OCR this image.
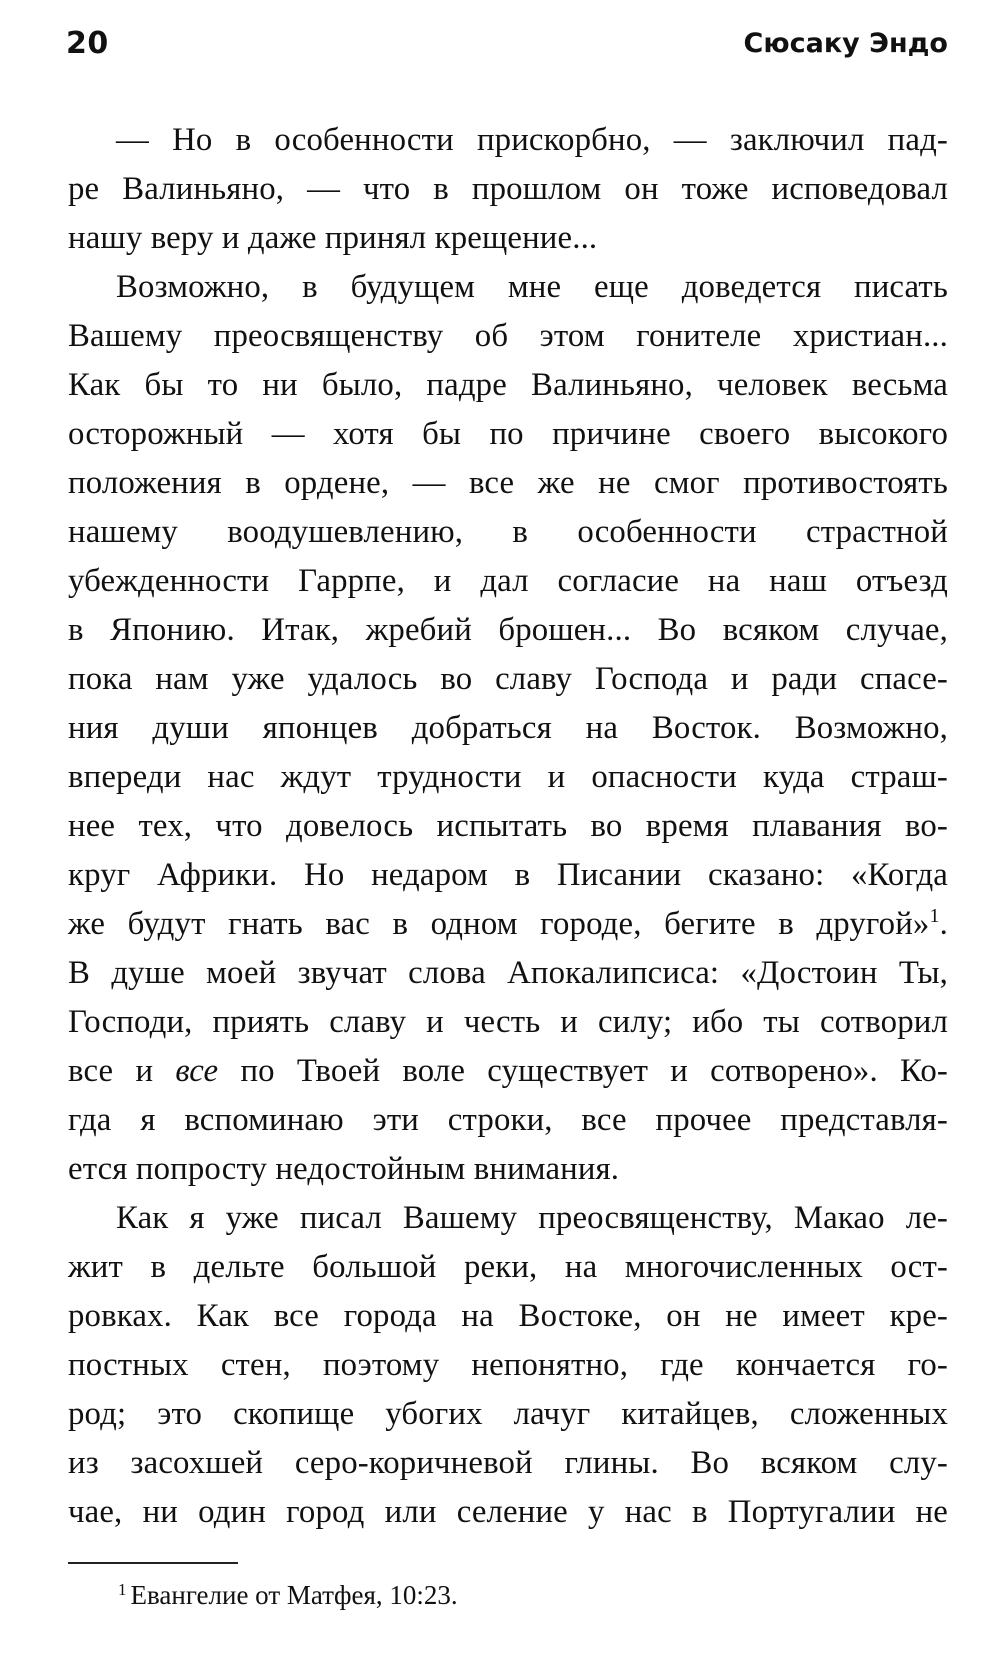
20	Сюсаку Эндо
— Но в особенности прискорбно, — заключил пад-
ре Валиньяно, — что в прошлом он тоже исповедовал
нашу веру и даже принял крещение...
Возможно, в будущем мне еще доведется писать
Вашему преосвященству об этом гонителе христиан...
Как бы то ни было, падре Валиньяно, человек весьма
осторожный — хотя бы по причине своего высокого
положения в ордене, — все же не смог противостоять
нашему воодушевлению, в особенности страстной
убежденности Гаррпе, и дал согласие на наш отъезд
в Японию. Итак, жребий брошен... Во всяком случае,
пока нам уже удалось во славу Господа и ради спасе-
ния души японцев добраться на Восток. Возможно,
впереди нас ждут трудности и опасности куда страш-
нее тех, что довелось испытать во время плавания во-
круг Африки. Но недаром в Писании сказано: «Когда
же будут гнать вас в одном городе, бегите в другой»$^1$.
В душе моей звучат слова Апокалипсиса: «Достоин Ты,
Господи, приять славу и честь и силу; ибо ты сотворил
все и все по Твоей воле существует и сотворено». Ко-
гда я вспоминаю эти строки, все прочее представля-
ется попросту недостойным внимания.
Как я уже писал Вашему преосвященству, Макао ле-
жит в дельте большой реки, на многочисленных ост-
ровках. Как все города на Востоке, он не имеет кре-
постных стен, поэтому непонятно, где кончается го-
род; это скопище убогих лачуг китайцев, сложенных
из засохшей серо-коричневой глины. Во всяком слу-
чае, ни один город или селение у нас в Португалии не
$^1$ Евангелие от Матфея, 10:23.
